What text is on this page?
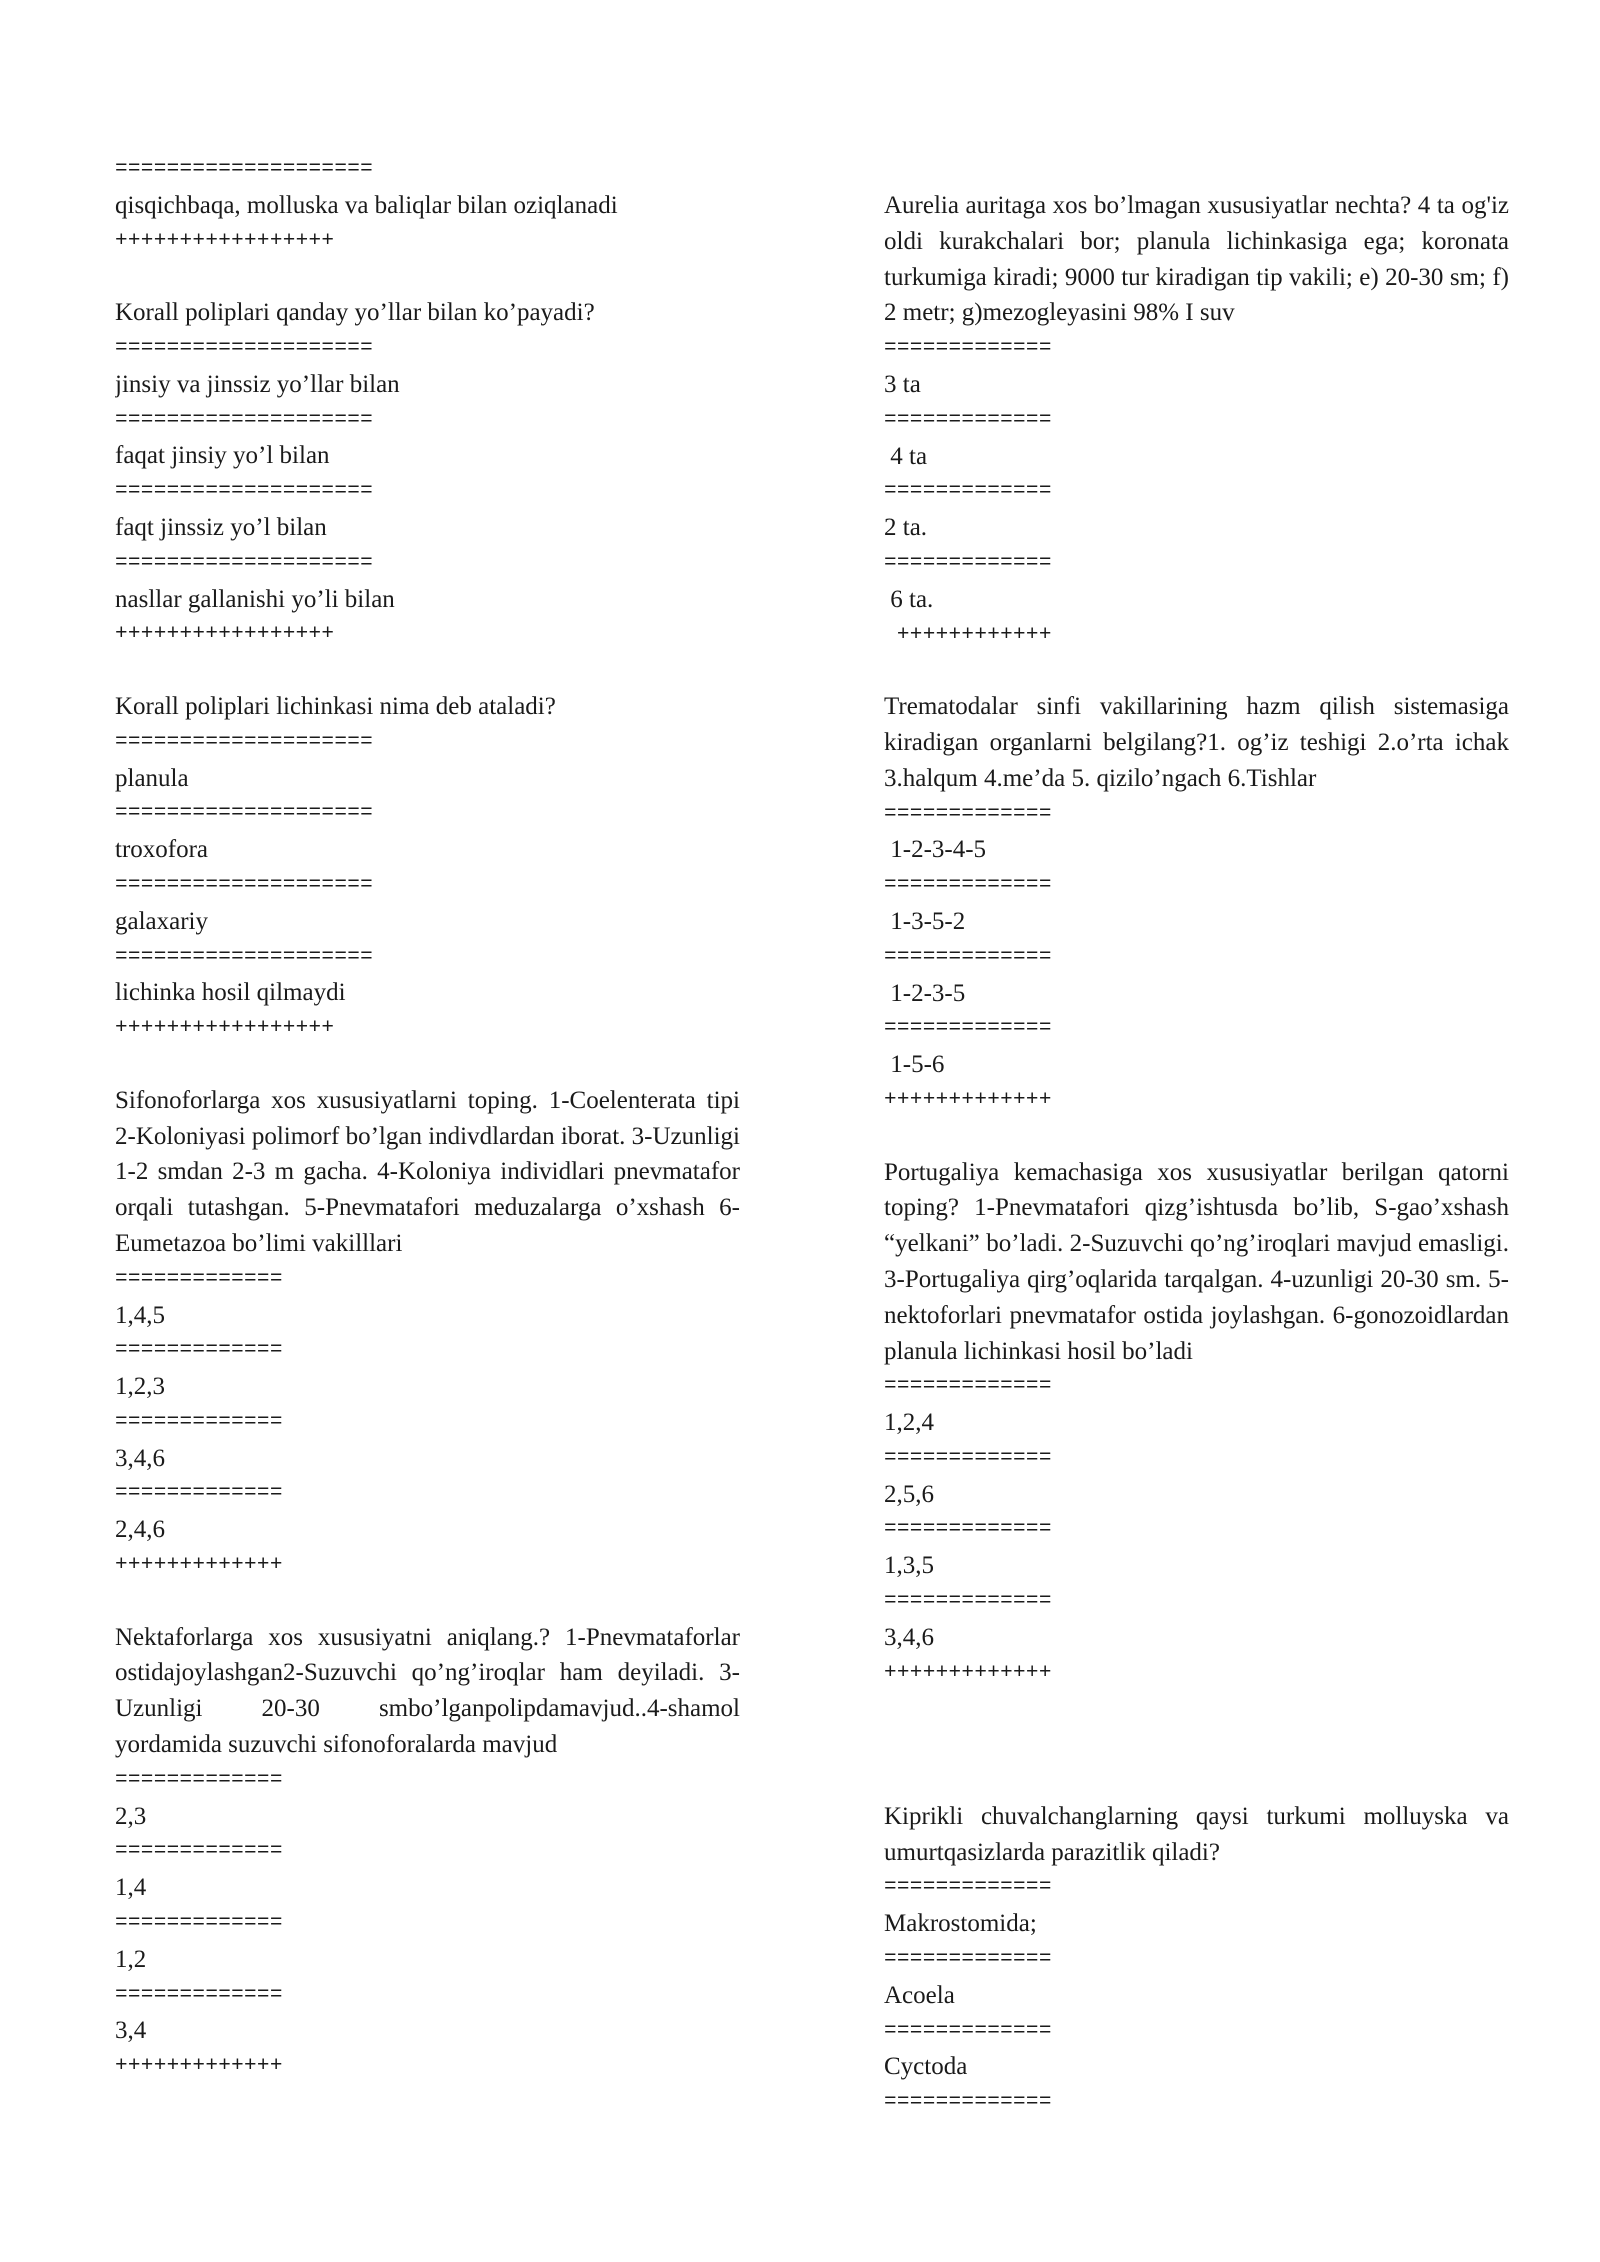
====================
qisqichbaqa, molluska va baliqlar bilan oziqlanadi
+++++++++++++++++
Korall poliplari qanday yo’llar bilan ko’payadi?
====================
jinsiy va jinssiz yo’llar bilan
====================
faqat jinsiy yo’l bilan
====================
faqt jinssiz yo’l bilan
====================
nasllar gallanishi yo’li bilan
+++++++++++++++++
Korall poliplari lichinkasi nima deb ataladi?
====================
planula
====================
troxofora
====================
galaxariy
====================
lichinka hosil qilmaydi
+++++++++++++++++
Sifonoforlarga xos xususiyatlarni toping. 1-Coelenterata tipi 2-Koloniyasi polimorf bo’lgan indivdlardan iborat. 3-Uzunligi 1-2 smdan 2-3 m gacha. 4-Koloniya individlari pnevmatafor orqali tutashgan. 5-Pnevmatafori meduzalarga o’xshash 6-Eumetazoa bo’limi vakilllari
=============
1,4,5
=============
1,2,3
=============
3,4,6
=============
2,4,6
+++++++++++++
Nektaforlarga xos xususiyatni aniqlang.? 1-Pnevmataforlar ostidajoylashgan2-Suzuvchi qo’ng’iroqlar ham deyiladi. 3-Uzunligi 20-30 smbo’lganpolipdamavjud..4-shamol yordamida suzuvchi sifonoforalarda mavjud
=============
2,3
=============
1,4
=============
1,2
=============
3,4
+++++++++++++
Aurelia auritaga xos bo’lmagan xususiyatlar nechta? 4 ta og'iz oldi kurakchalari bor; planula lichinkasiga ega; koronata turkumiga kiradi; 9000 tur kiradigan tip vakili; e) 20-30 sm; f) 2 metr; g)mezogleyasini 98% I suv
=============
3 ta
=============
4 ta
=============
2 ta.
=============
6 ta.
++++++++++++
Trematodalar sinfi vakillarining hazm qilish sistemasiga kiradigan organlarni belgilang?1. og’iz teshigi 2.o’rta ichak 3.halqum 4.me’da 5. qizilo’ngach 6.Tishlar
=============
1-2-3-4-5
=============
1-3-5-2
=============
1-2-3-5
=============
1-5-6
+++++++++++++
Portugaliya kemachasiga xos xususiyatlar berilgan qatorni toping? 1-Pnevmatafori qizg’ishtusda bo’lib, S-gao’xshash “yelkani” bo’ladi. 2-Suzuvchi qo’ng’iroqlari mavjud emasligi. 3-Portugaliya qirg’oqlarida tarqalgan. 4-uzunligi 20-30 sm. 5-nektoforlari pnevmatafor ostida joylashgan. 6-gonozoidlardan planula lichinkasi hosil bo’ladi
=============
1,2,4
=============
2,5,6
=============
1,3,5
=============
3,4,6
+++++++++++++
Kiprikli chuvalchanglarning qaysi turkumi molluyska va umurtqasizlarda parazitlik qiladi?
=============
Makrostomida;
=============
Acoela
=============
Cyctoda
=============
